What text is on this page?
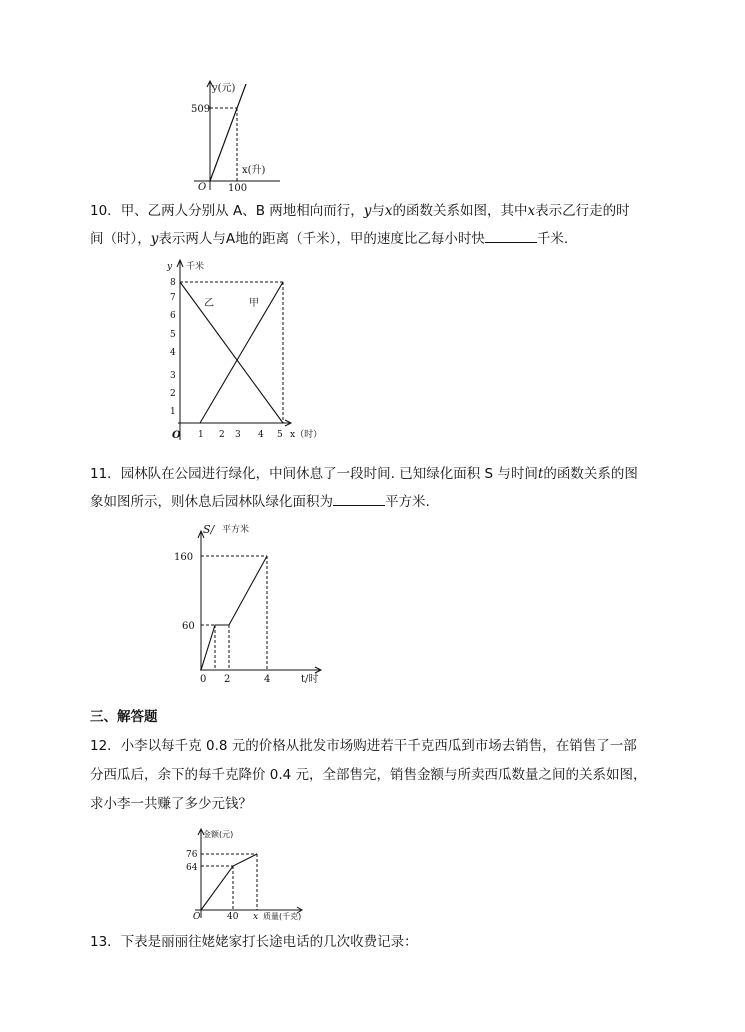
y(元)
509
x(升)
O 100
10．甲、乙两人分别从 A、B 两地相向而行，y与x的函数关系如图，其中x表示乙行走的时
间（时），y表示两人与A地的距离（千米），甲的速度比乙每小时快	千米.
1
2
3
4
5
6
7
8
1 2 3 4 5 x（时）
O
y 千米
乙	甲
11．园林队在公园进行绿化，中间休息了一段时间. 已知绿化面积 S 与时间t的函数关系的图
象如图所示，则休息后园林队绿化面积为	平方米.
160
60
0 2	4	t/时
S/ 平方米
三、解答题
12．小李以每千克 0.8 元的价格从批发市场购进若干千克西瓜到市场去销售，在销售了一部
分西瓜后，余下的每千克降价 0.4 元，全部售完，销售金额与所卖西瓜数量之间的关系如图，
求小李一共赚了多少元钱？
金额(元)
76
64
O	40 x 质量(千克)
13．下表是丽丽往姥姥家打长途电话的几次收费记录：
